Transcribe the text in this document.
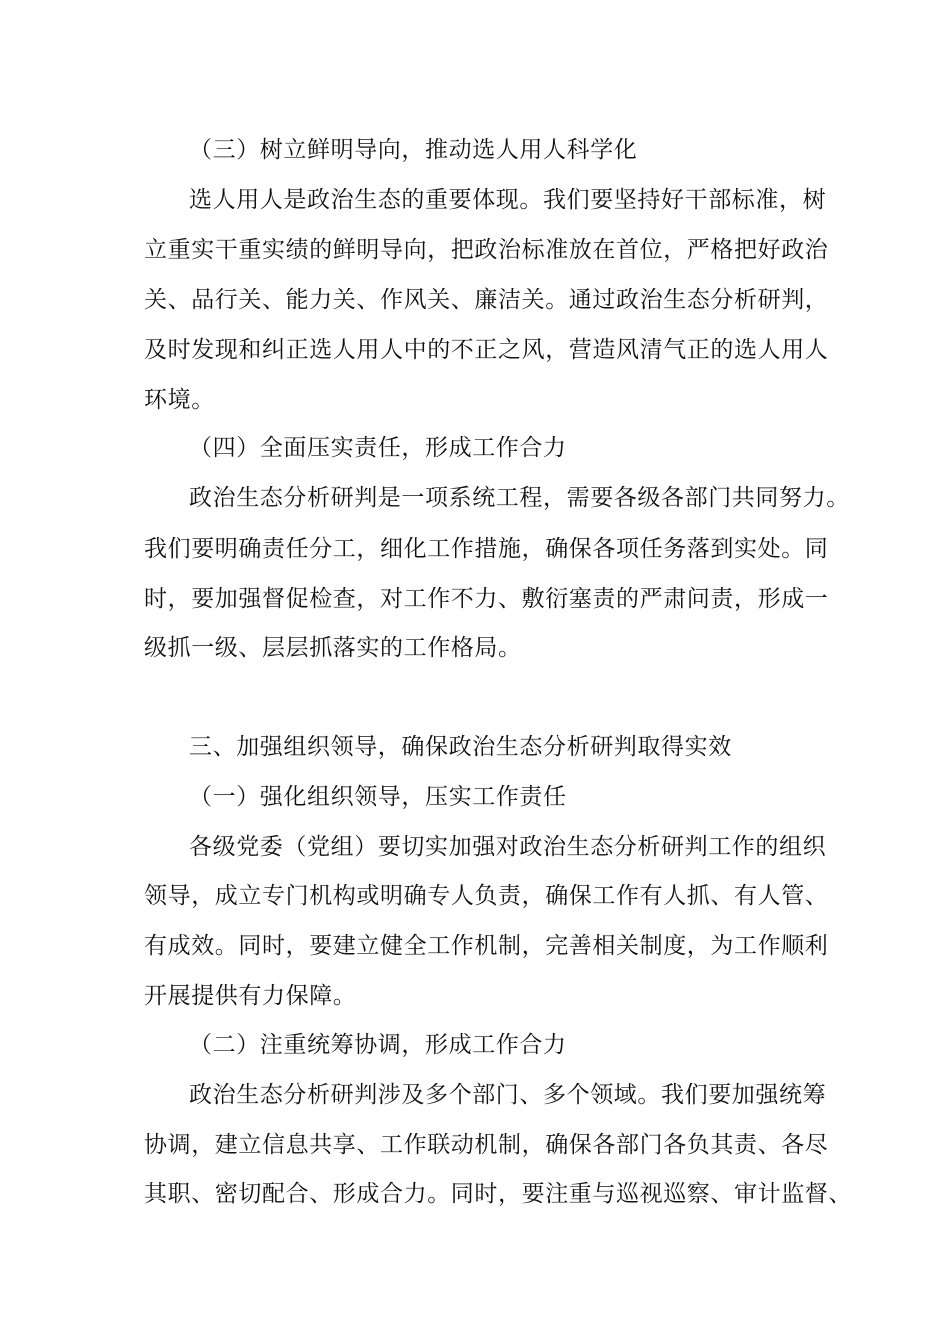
（三）树立鲜明导向，推动选人用人科学化
选人用人是政治生态的重要体现。我们要坚持好干部标准，树
立重实干重实绩的鲜明导向，把政治标准放在首位，严格把好政治
关、品行关、能力关、作风关、廉洁关。通过政治生态分析研判，
及时发现和纠正选人用人中的不正之风，营造风清气正的选人用人
环境。
（四）全面压实责任，形成工作合力
政治生态分析研判是一项系统工程，需要各级各部门共同努力。
我们要明确责任分工，细化工作措施，确保各项任务落到实处。同
时，要加强督促检查，对工作不力、敷衍塞责的严肃问责，形成一
级抓一级、层层抓落实的工作格局。
三、加强组织领导，确保政治生态分析研判取得实效
（一）强化组织领导，压实工作责任
各级党委（党组）要切实加强对政治生态分析研判工作的组织
领导，成立专门机构或明确专人负责，确保工作有人抓、有人管、
有成效。同时，要建立健全工作机制，完善相关制度，为工作顺利
开展提供有力保障。
（二）注重统筹协调，形成工作合力
政治生态分析研判涉及多个部门、多个领域。我们要加强统筹
协调，建立信息共享、工作联动机制，确保各部门各负其责、各尽
其职、密切配合、形成合力。同时，要注重与巡视巡察、审计监督、
